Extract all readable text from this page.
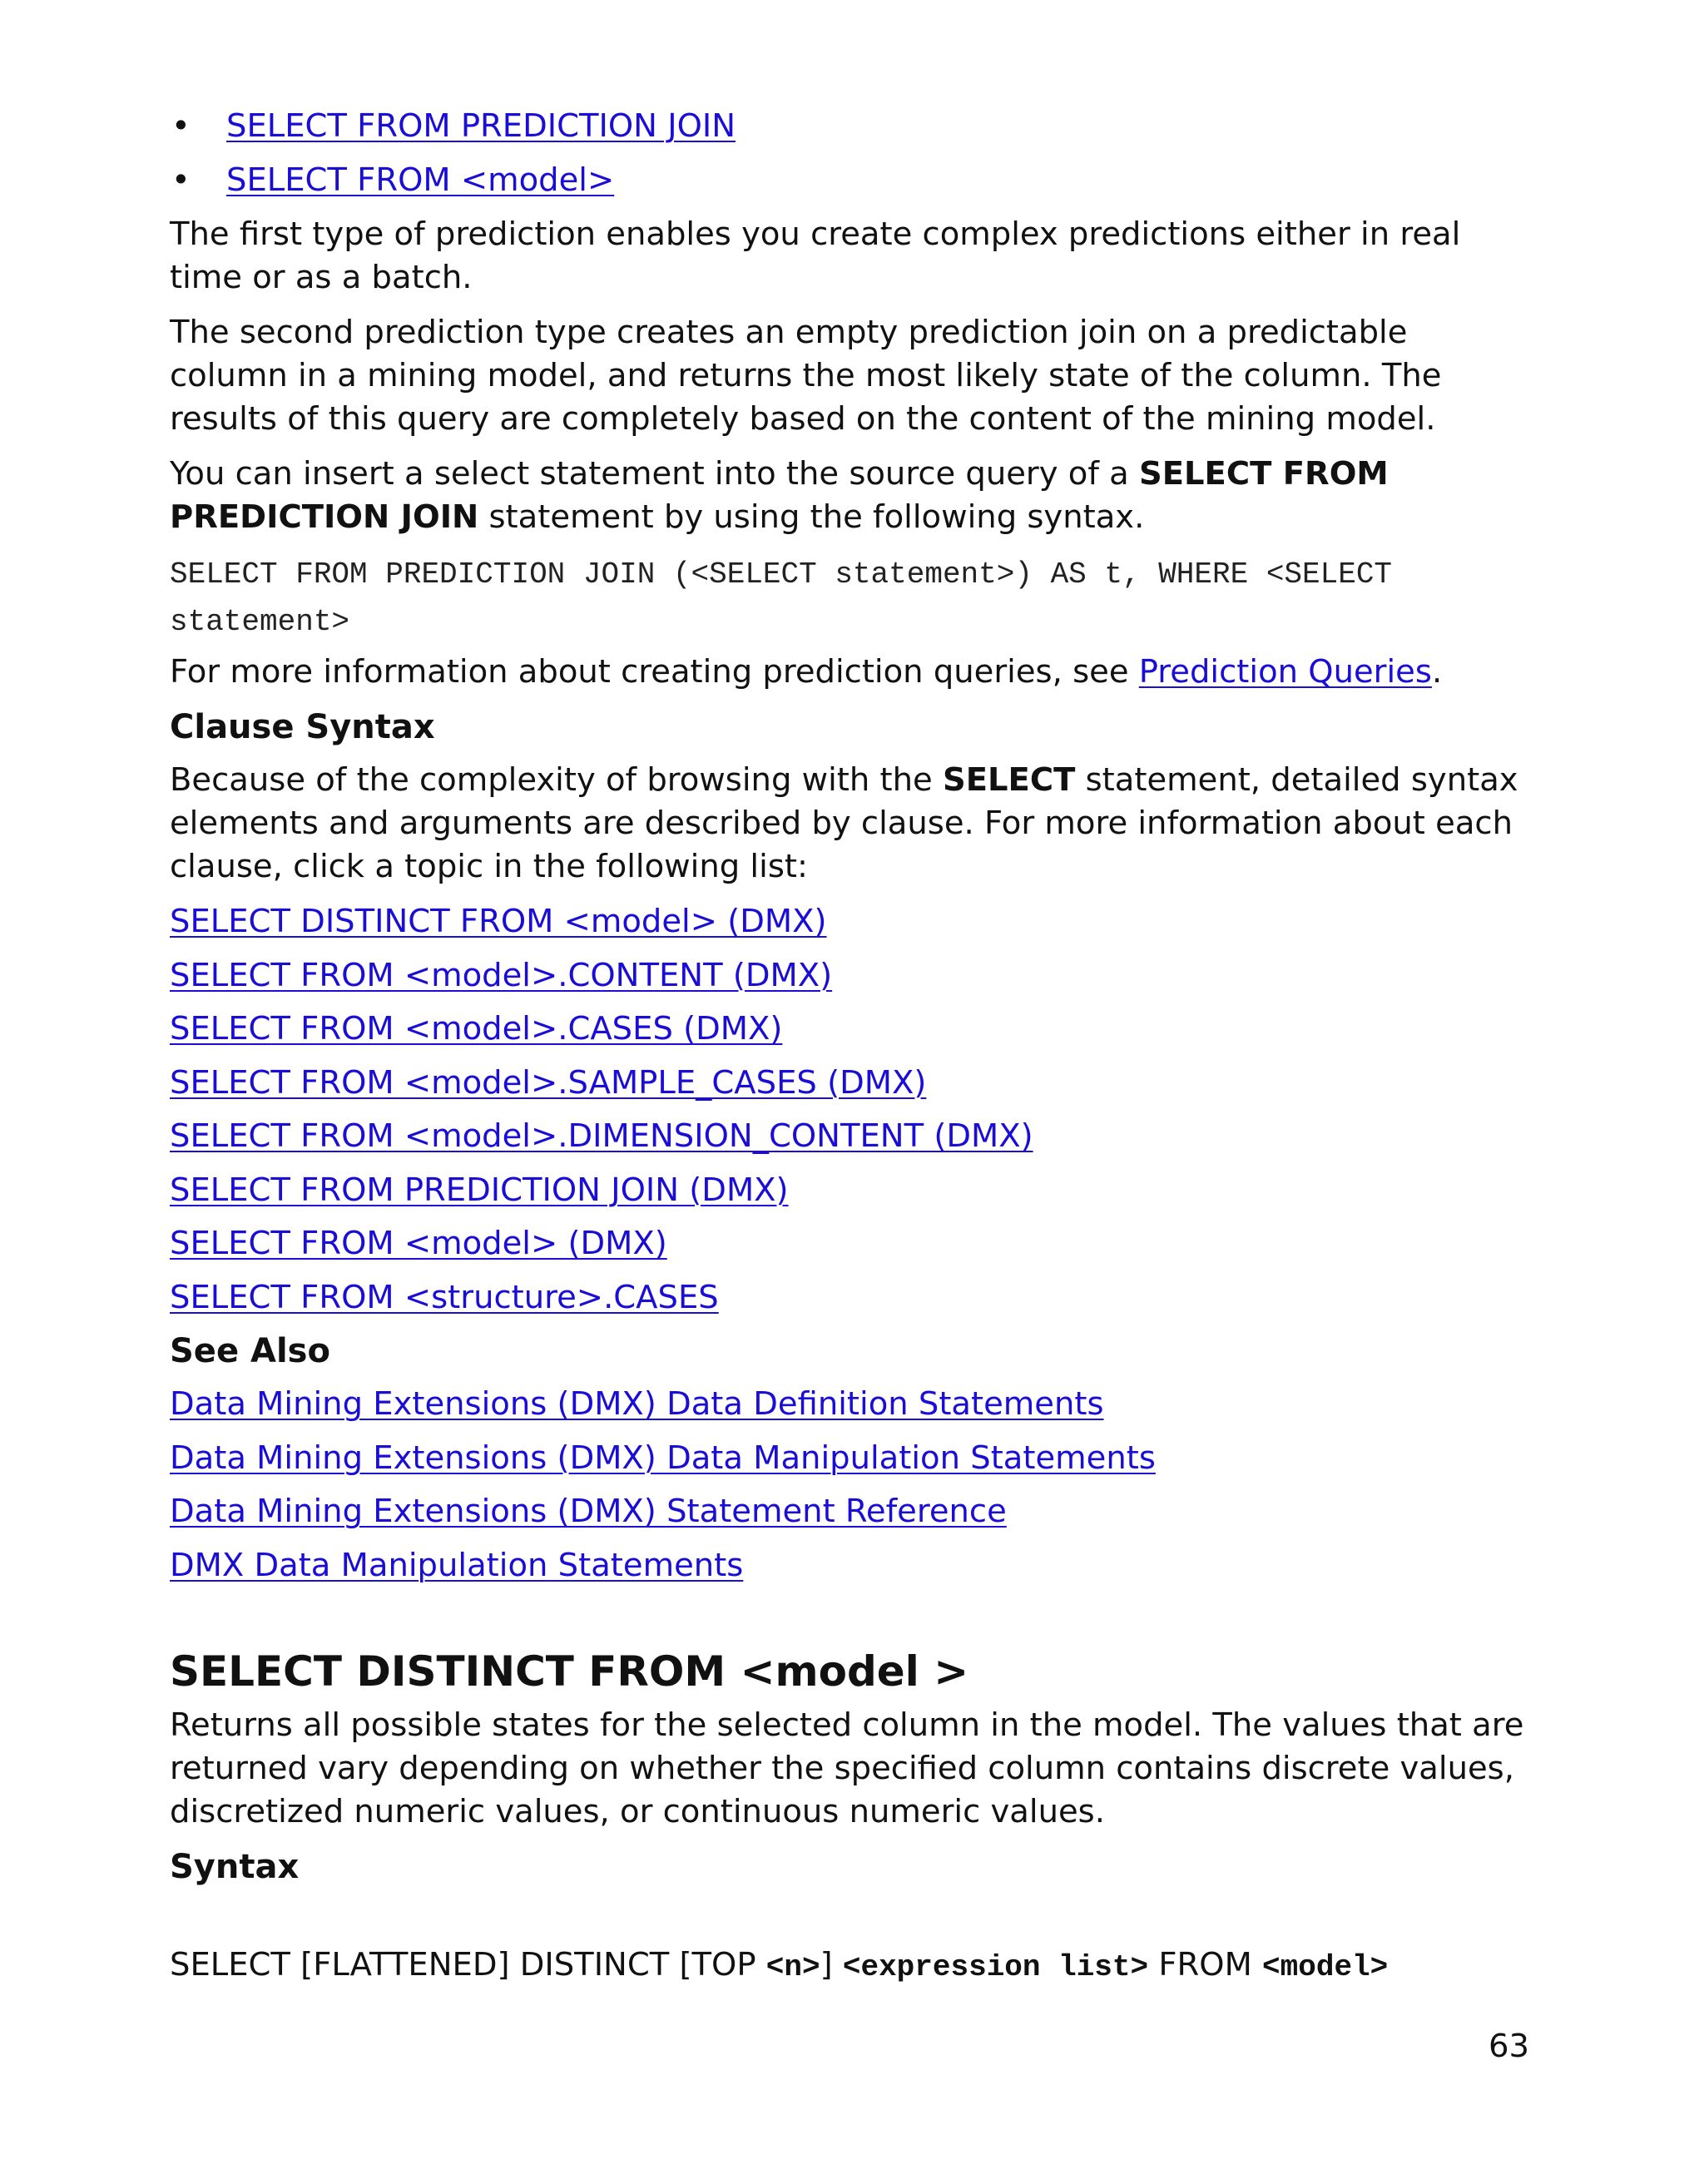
• SELECT FROM PREDICTION JOIN
• SELECT FROM <model>

The first type of prediction enables you create complex predictions either in real time or as a batch.

The second prediction type creates an empty prediction join on a predictable column in a mining model, and returns the most likely state of the column. The results of this query are completely based on the content of the mining model.

You can insert a select statement into the source query of a SELECT FROM PREDICTION JOIN statement by using the following syntax.

SELECT FROM PREDICTION JOIN (<SELECT statement>) AS t, WHERE <SELECT statement>

For more information about creating prediction queries, see Prediction Queries.

Clause Syntax

Because of the complexity of browsing with the SELECT statement, detailed syntax elements and arguments are described by clause. For more information about each clause, click a topic in the following list:

SELECT DISTINCT FROM <model> (DMX)
SELECT FROM <model>.CONTENT (DMX)
SELECT FROM <model>.CASES (DMX)
SELECT FROM <model>.SAMPLE_CASES (DMX)
SELECT FROM <model>.DIMENSION_CONTENT (DMX)
SELECT FROM PREDICTION JOIN (DMX)
SELECT FROM <model> (DMX)
SELECT FROM <structure>.CASES
See Also
Data Mining Extensions (DMX) Data Definition Statements
Data Mining Extensions (DMX) Data Manipulation Statements
Data Mining Extensions (DMX) Statement Reference
DMX Data Manipulation Statements
SELECT DISTINCT FROM <model >

Returns all possible states for the selected column in the model. The values that are returned vary depending on whether the specified column contains discrete values, discretized numeric values, or continuous numeric values.

Syntax
SELECT [FLATTENED] DISTINCT [TOP <n>] <expression list> FROM <model>
63
